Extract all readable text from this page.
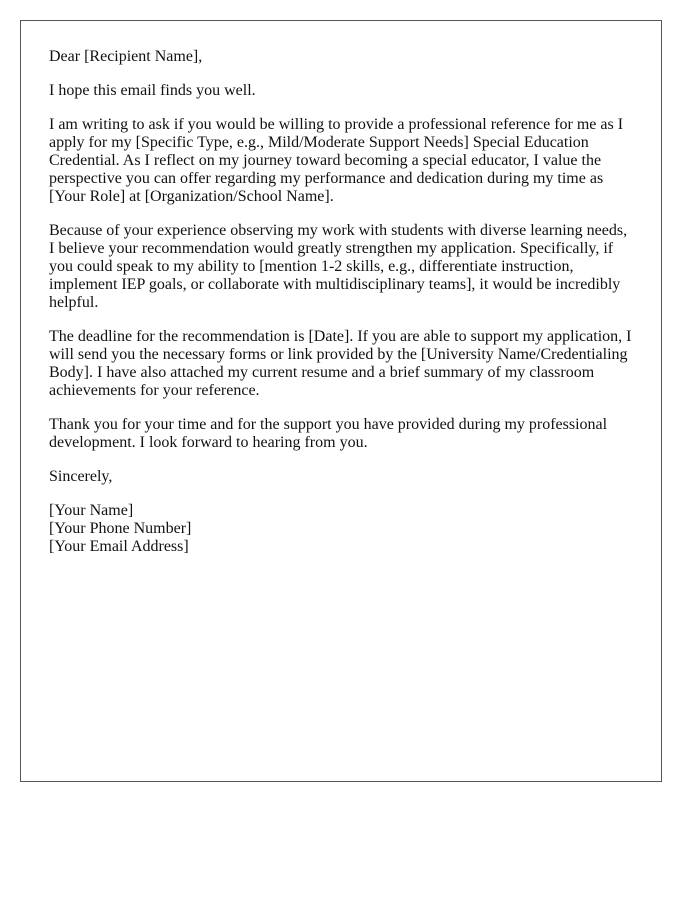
Dear [Recipient Name],

I hope this email finds you well.

I am writing to ask if you would be willing to provide a professional reference for me as I apply for my [Specific Type, e.g., Mild/Moderate Support Needs] Special Education Credential. As I reflect on my journey toward becoming a special educator, I value the perspective you can offer regarding my performance and dedication during my time as [Your Role] at [Organization/School Name].

Because of your experience observing my work with students with diverse learning needs, I believe your recommendation would greatly strengthen my application. Specifically, if you could speak to my ability to [mention 1-2 skills, e.g., differentiate instruction, implement IEP goals, or collaborate with multidisciplinary teams], it would be incredibly helpful.

The deadline for the recommendation is [Date]. If you are able to support my application, I will send you the necessary forms or link provided by the [University Name/Credentialing Body]. I have also attached my current resume and a brief summary of my classroom achievements for your reference.

Thank you for your time and for the support you have provided during my professional development. I look forward to hearing from you.

Sincerely,

[Your Name]

[Your Phone Number]

[Your Email Address]
